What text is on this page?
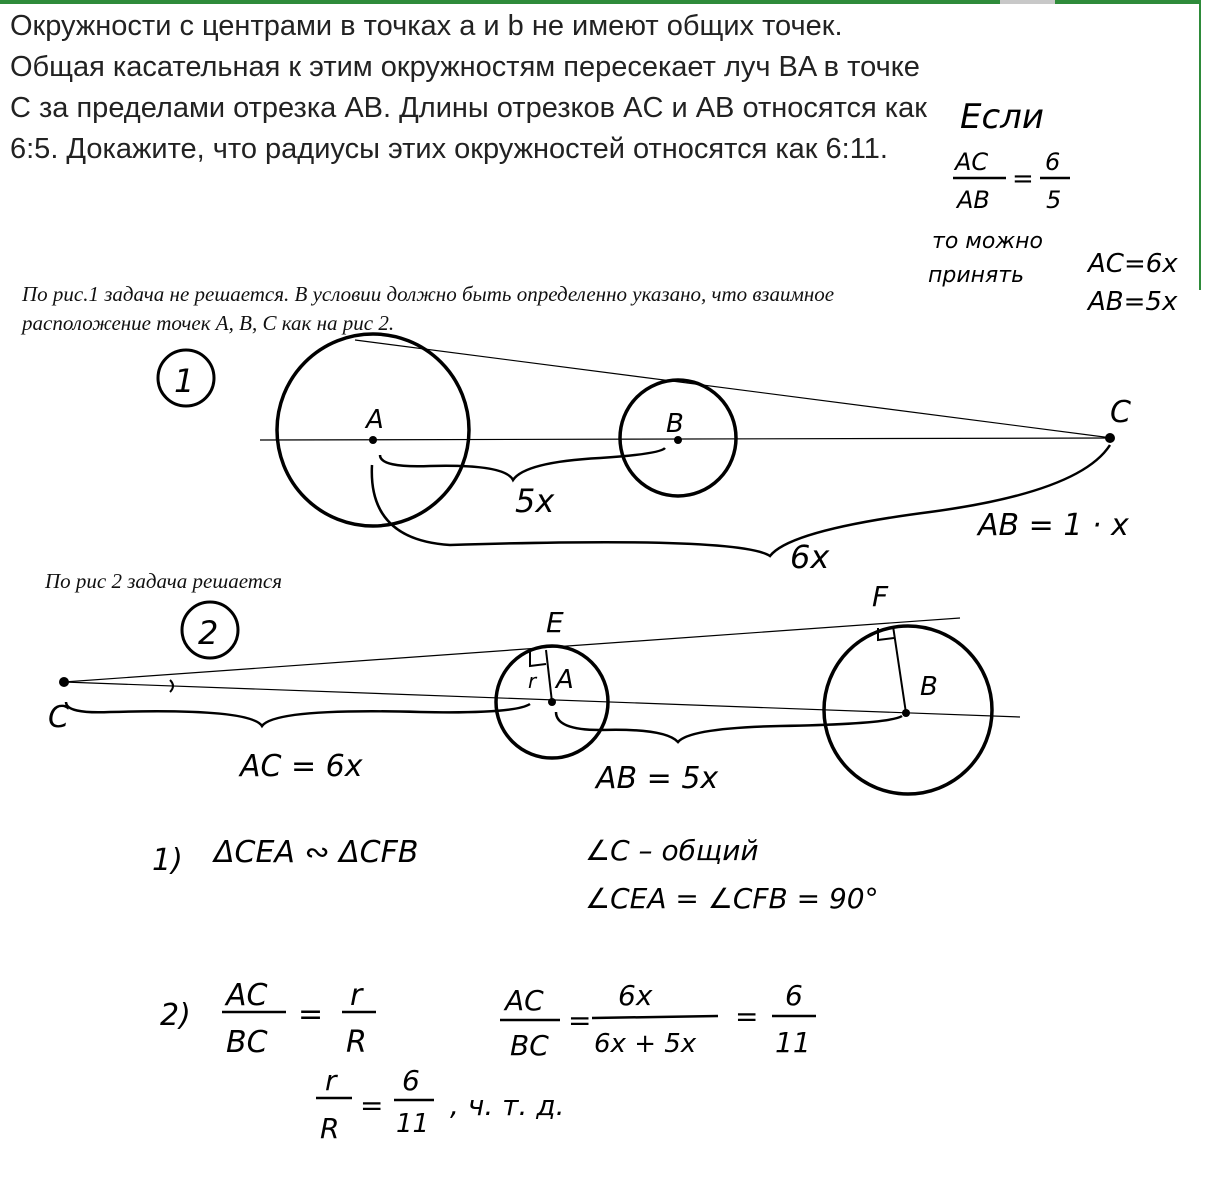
Окружности с центрами в точках a и b не имеют общих точек. Общая касательная к этим окружностям пересекает луч BA в точке C за пределами отрезка AB. Длины отрезков AC и AB относятся как 6:5. Докажите, что радиусы этих окружностей относятся как 6:11.

По рис.1 задача не решается. В условии должно быть определенно указано, что взаимное расположение точек A, B, C как на рис 2.

По рис 2 задача решается

Если
AC
AB
=
6
5
то можно
принять AC=6x
AB=5x
1
A	B	C
5x
6x
AB = 1 · x
2
C
E
F
A	B
r
AC = 6x	AB = 5x
1) ΔCEA ∾ ΔCFB	∠C – общий
∠CEA = ∠CFB = 90°
2)
AC
BC
=
r
R
AC
BC
=
6x
6x + 5x
=
6
11
r
R
=
6
11
, ч. т. д.
